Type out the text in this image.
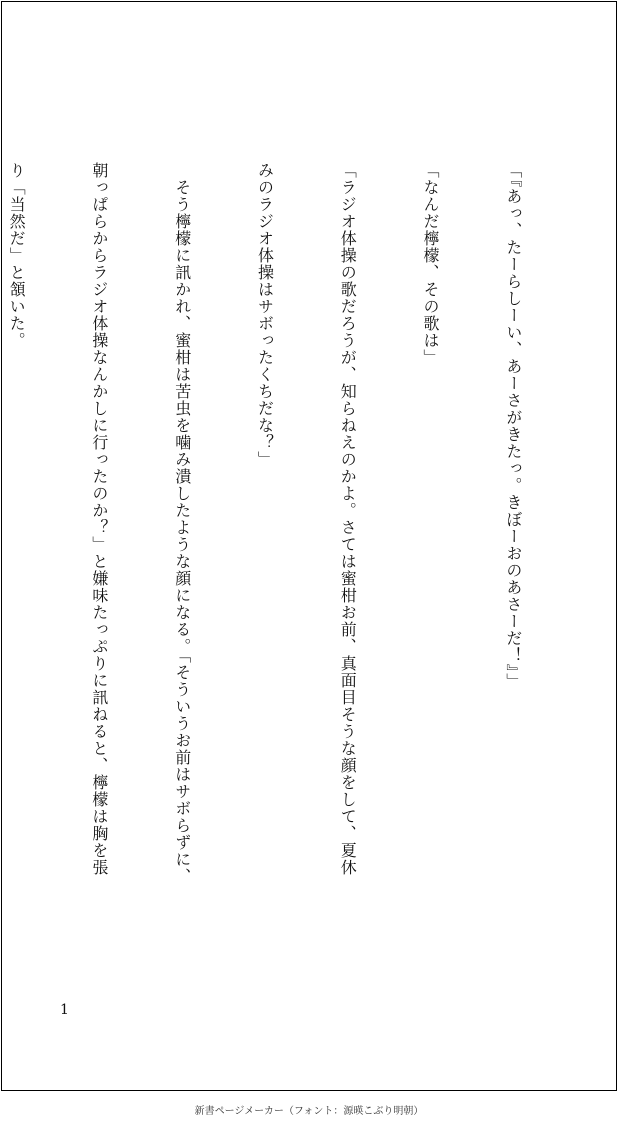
「『あっ、たーらしーい、あーさがきたっ。きぼーおのあさーだ！』」

「なんだ檸檬、その歌は」

「ラジオ体操の歌だろうが、知らねえのかよ。さては蜜柑お前、真面目そうな顔をして、夏休

みのラジオ体操はサボったくちだな？」

　そう檸檬に訊かれ、蜜柑は苦虫を噛み潰したような顔になる。「そういうお前はサボらずに、

朝っぱらからラジオ体操なんかしに行ったのか？」と嫌味たっぷりに訊ねると、檸檬は胸を張

り「当然だ」と頷いた。

1
新書ページメーカー（フォント：源暎こぶり明朝）
